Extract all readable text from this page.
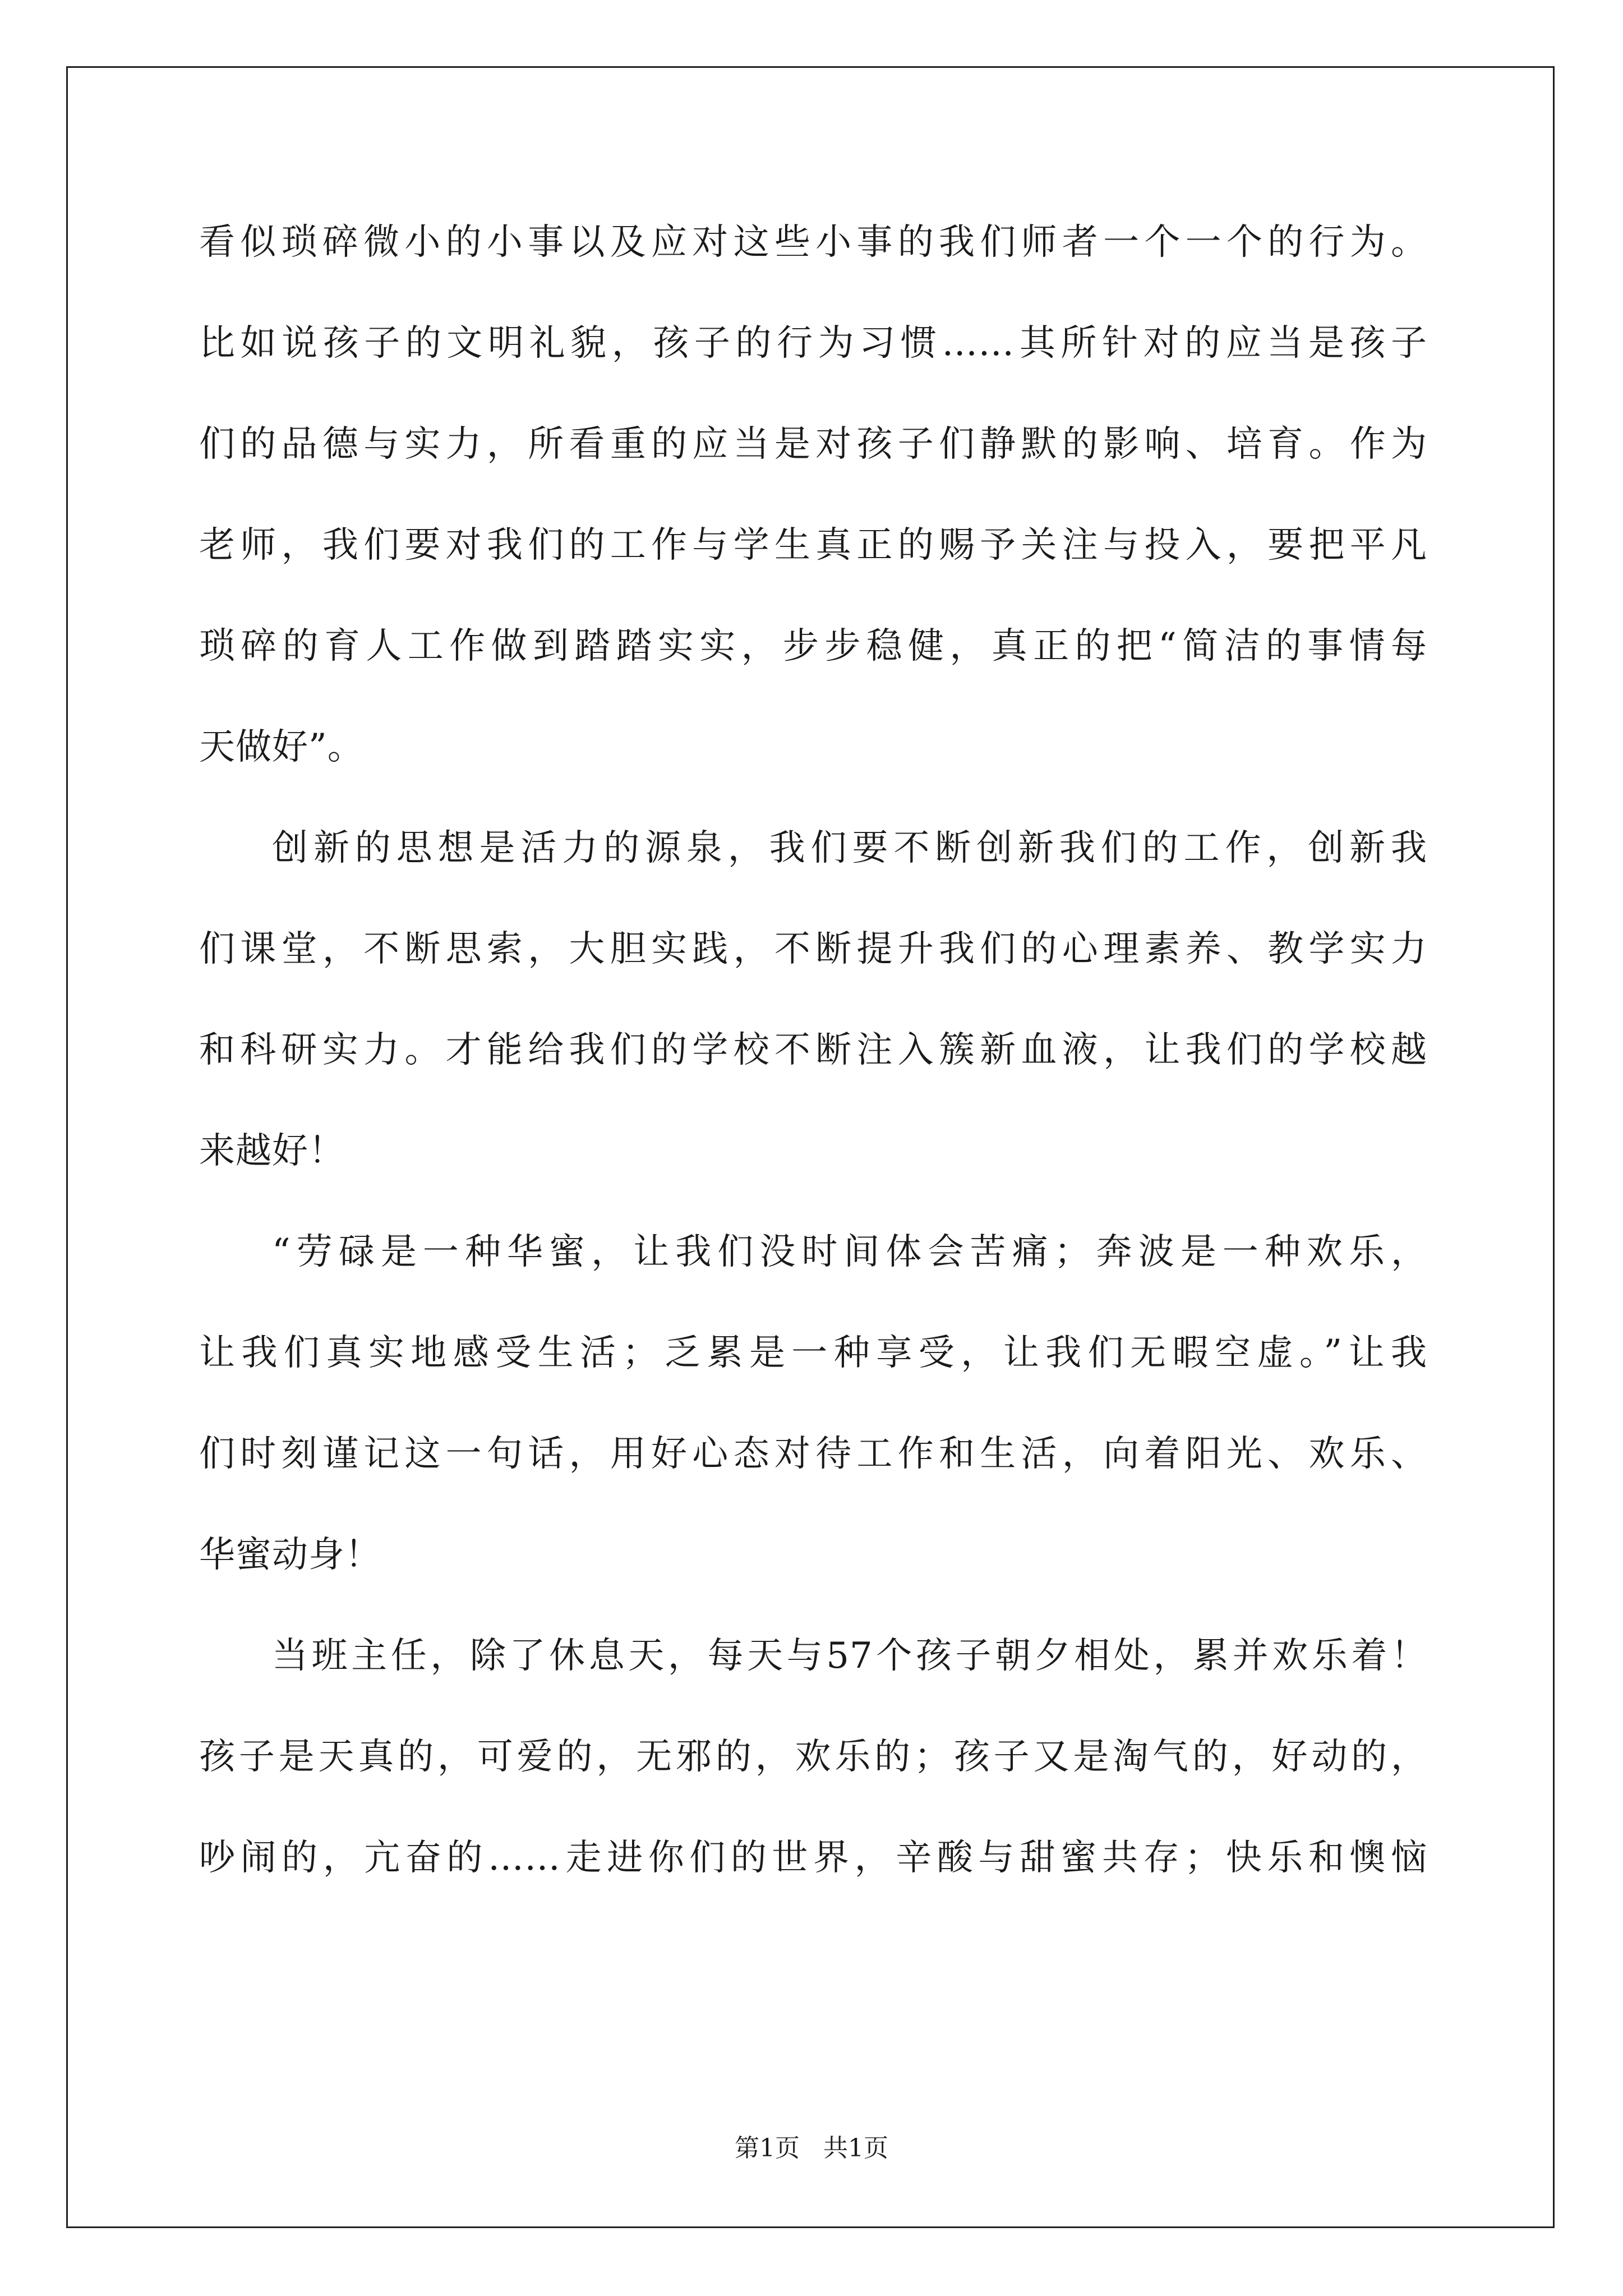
看似琐碎微小的小事以及应对这些小事的我们师者一个一个的行为。
比如说孩子的文明礼貌，孩子的行为习惯……其所针对的应当是孩子
们的品德与实力，所看重的应当是对孩子们静默的影响、培育。作为
老师，我们要对我们的工作与学生真正的赐予关注与投入，要把平凡
琐碎的育人工作做到踏踏实实，步步稳健，真正的把“简洁的事情每
天做好”。
创新的思想是活力的源泉，我们要不断创新我们的工作，创新我
们课堂，不断思索，大胆实践，不断提升我们的心理素养、教学实力
和科研实力。才能给我们的学校不断注入簇新血液，让我们的学校越
来越好！
“劳碌是一种华蜜，让我们没时间体会苦痛；奔波是一种欢乐，
让我们真实地感受生活；乏累是一种享受，让我们无暇空虚。”让我
们时刻谨记这一句话，用好心态对待工作和生活，向着阳光、欢乐、
华蜜动身！
当班主任，除了休息天，每天与57个孩子朝夕相处，累并欢乐着！
孩子是天真的，可爱的，无邪的，欢乐的；孩子又是淘气的，好动的，
吵闹的，亢奋的……走进你们的世界，辛酸与甜蜜共存；快乐和懊恼
第1页 共1页
